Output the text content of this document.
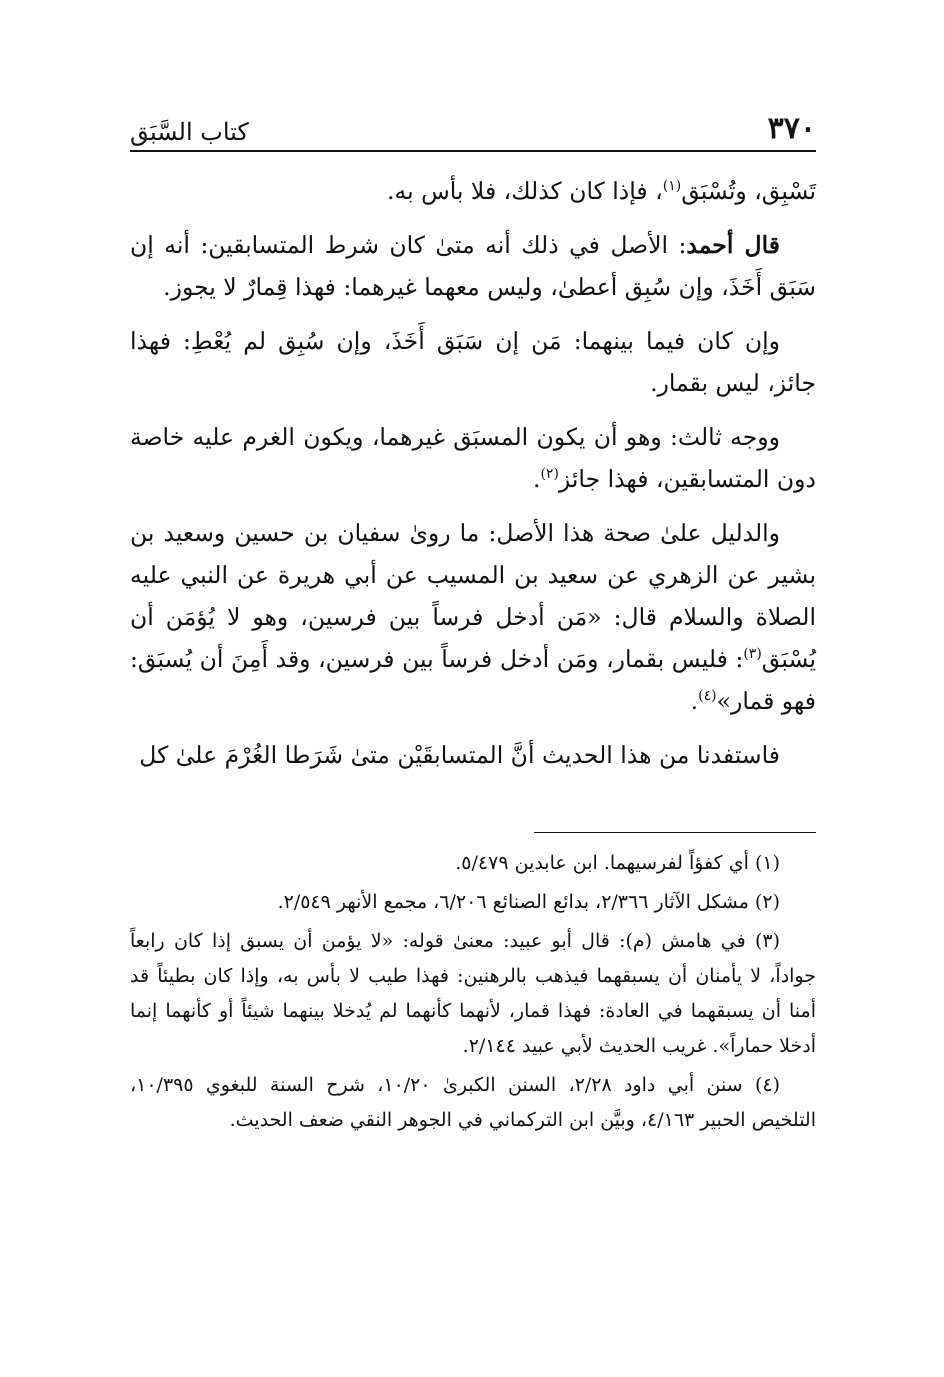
٣٧٠
كتاب السَّبَق

تَسْبِق، وتُسْبَق$^{(١)}$، فإذا كان كذلك، فلا بأس به.

قال أحمد: الأصل في ذلك أنه متىٰ كان شرط المتسابقين: أنه إن سَبَق أَخَذَ، وإن سُبِق أعطىٰ، وليس معهما غيرهما: فهذا قِمارٌ لا يجوز.

وإن كان فيما بينهما: مَن إن سَبَق أَخَذَ، وإن سُبِق لم يُعْطِ: فهذا جائز، ليس بقمار.

ووجه ثالث: وهو أن يكون المسبَق غيرهما، ويكون الغرم عليه خاصة دون المتسابقين، فهذا جائز$^{(٢)}$.

والدليل علىٰ صحة هذا الأصل: ما روىٰ سفيان بن حسين وسعيد بن بشير عن الزهري عن سعيد بن المسيب عن أبي هريرة عن النبي عليه الصلاة والسلام قال: «مَن أدخل فرساً بين فرسين، وهو لا يُؤمَن أن يُسْبَق$^{(٣)}$: فليس بقمار، ومَن أدخل فرساً بين فرسين، وقد أَمِنَ أن يُسبَق: فهو قمار»$^{(٤)}$.

فاستفدنا من هذا الحديث أنَّ المتسابقَيْن متىٰ شَرَطا الغُرْمَ علىٰ كل

(١) أي كفؤاً لفرسيهما. ابن عابدين ٥/٤٧٩.

(٢) مشكل الآثار ٢/٣٦٦، بدائع الصنائع ٦/٢٠٦، مجمع الأنهر ٢/٥٤٩.

(٣) في هامش (م): قال أبو عبيد: معنىٰ قوله: «لا يؤمن أن يسبق إذا كان رابعاً جواداً، لا يأمنان أن يسبقهما فيذهب بالرهنين: فهذا طيب لا بأس به، وإذا كان بطيئاً قد أمنا أن يسبقهما في العادة: فهذا قمار، لأنهما كأنهما لم يُدخلا بينهما شيئاً أو كأنهما إنما أدخلا حماراً». غريب الحديث لأبي عبيد ٢/١٤٤.

(٤) سنن أبي داود ٢/٢٨، السنن الكبرىٰ ١٠/٢٠، شرح السنة للبغوي ١٠/٣٩٥، التلخيص الحبير ٤/١٦٣، وبيَّن ابن التركماني في الجوهر النقي ضعف الحديث.
